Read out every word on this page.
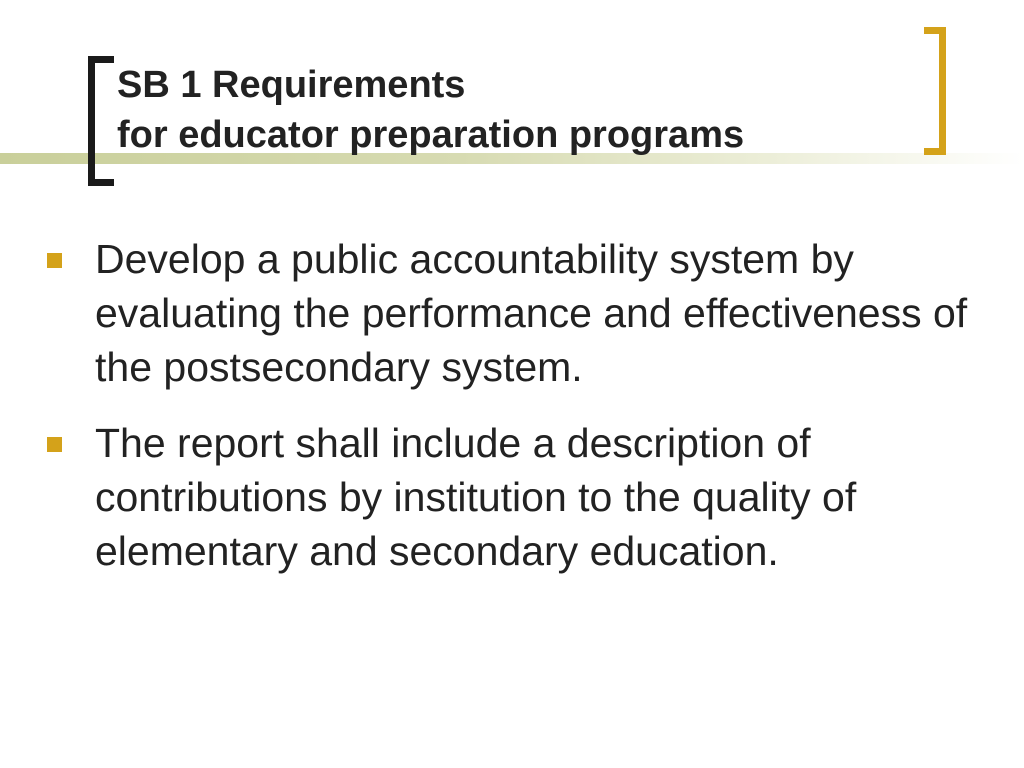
SB 1 Requirements
for educator preparation programs
Develop a public accountability system by evaluating the performance and effectiveness of the postsecondary system.
The report shall include a description of contributions by institution to the quality of elementary and secondary education.
